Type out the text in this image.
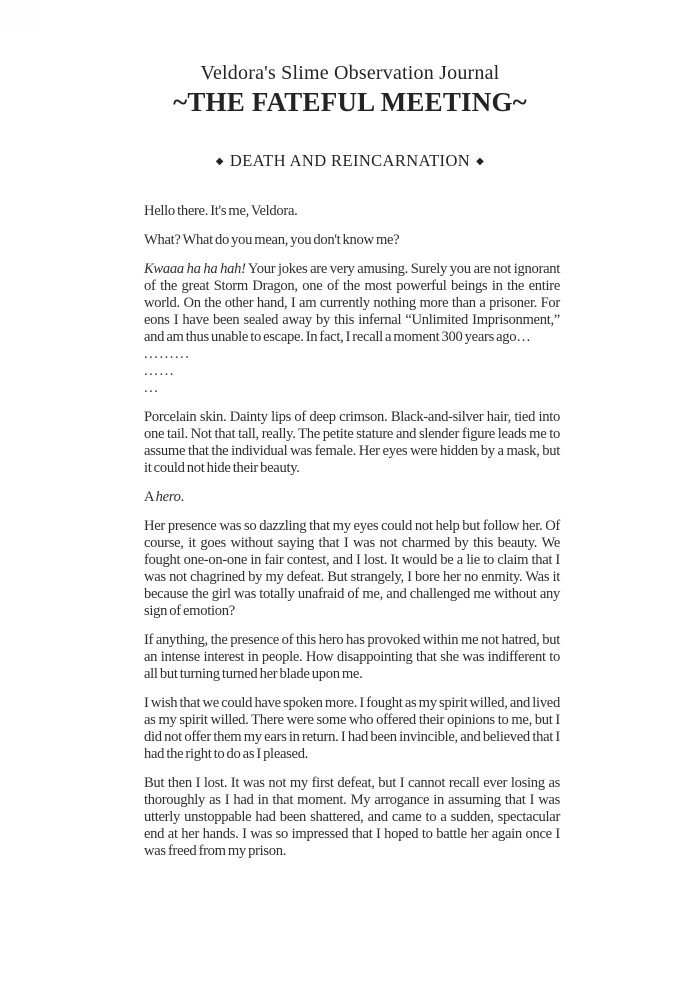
Veldora's Slime Observation Journal
~THE FATEFUL MEETING~
◆ DEATH AND REINCARNATION ◆

Hello there. It's me, Veldora.

What? What do you mean, you don't know me?

Kwaaa ha ha hah! Your jokes are very amusing. Surely you are not ignorant of the great Storm Dragon, one of the most powerful beings in the entire world. On the other hand, I am currently nothing more than a prisoner. For eons I have been sealed away by this infernal “Unlimited Imprisonment,” and am thus unable to escape. In fact, I recall a moment 300 years ago…

.........

......

...

Porcelain skin. Dainty lips of deep crimson. Black-and-silver hair, tied into one tail. Not that tall, really. The petite stature and slender figure leads me to assume that the individual was female. Her eyes were hidden by a mask, but it could not hide their beauty.

A hero.

Her presence was so dazzling that my eyes could not help but follow her. Of course, it goes without saying that I was not charmed by this beauty. We fought one-on-one in fair contest, and I lost. It would be a lie to claim that I was not chagrined by my defeat. But strangely, I bore her no enmity. Was it because the girl was totally unafraid of me, and challenged me without any sign of emotion?

If anything, the presence of this hero has provoked within me not hatred, but an intense interest in people. How disappointing that she was indifferent to all but turning turned her blade upon me.

I wish that we could have spoken more. I fought as my spirit willed, and lived as my spirit willed. There were some who offered their opinions to me, but I did not offer them my ears in return. I had been invincible, and believed that I had the right to do as I pleased.

But then I lost. It was not my first defeat, but I cannot recall ever losing as thoroughly as I had in that moment. My arrogance in assuming that I was utterly unstoppable had been shattered, and came to a sudden, spectacular end at her hands. I was so impressed that I hoped to battle her again once I was freed from my prison.
